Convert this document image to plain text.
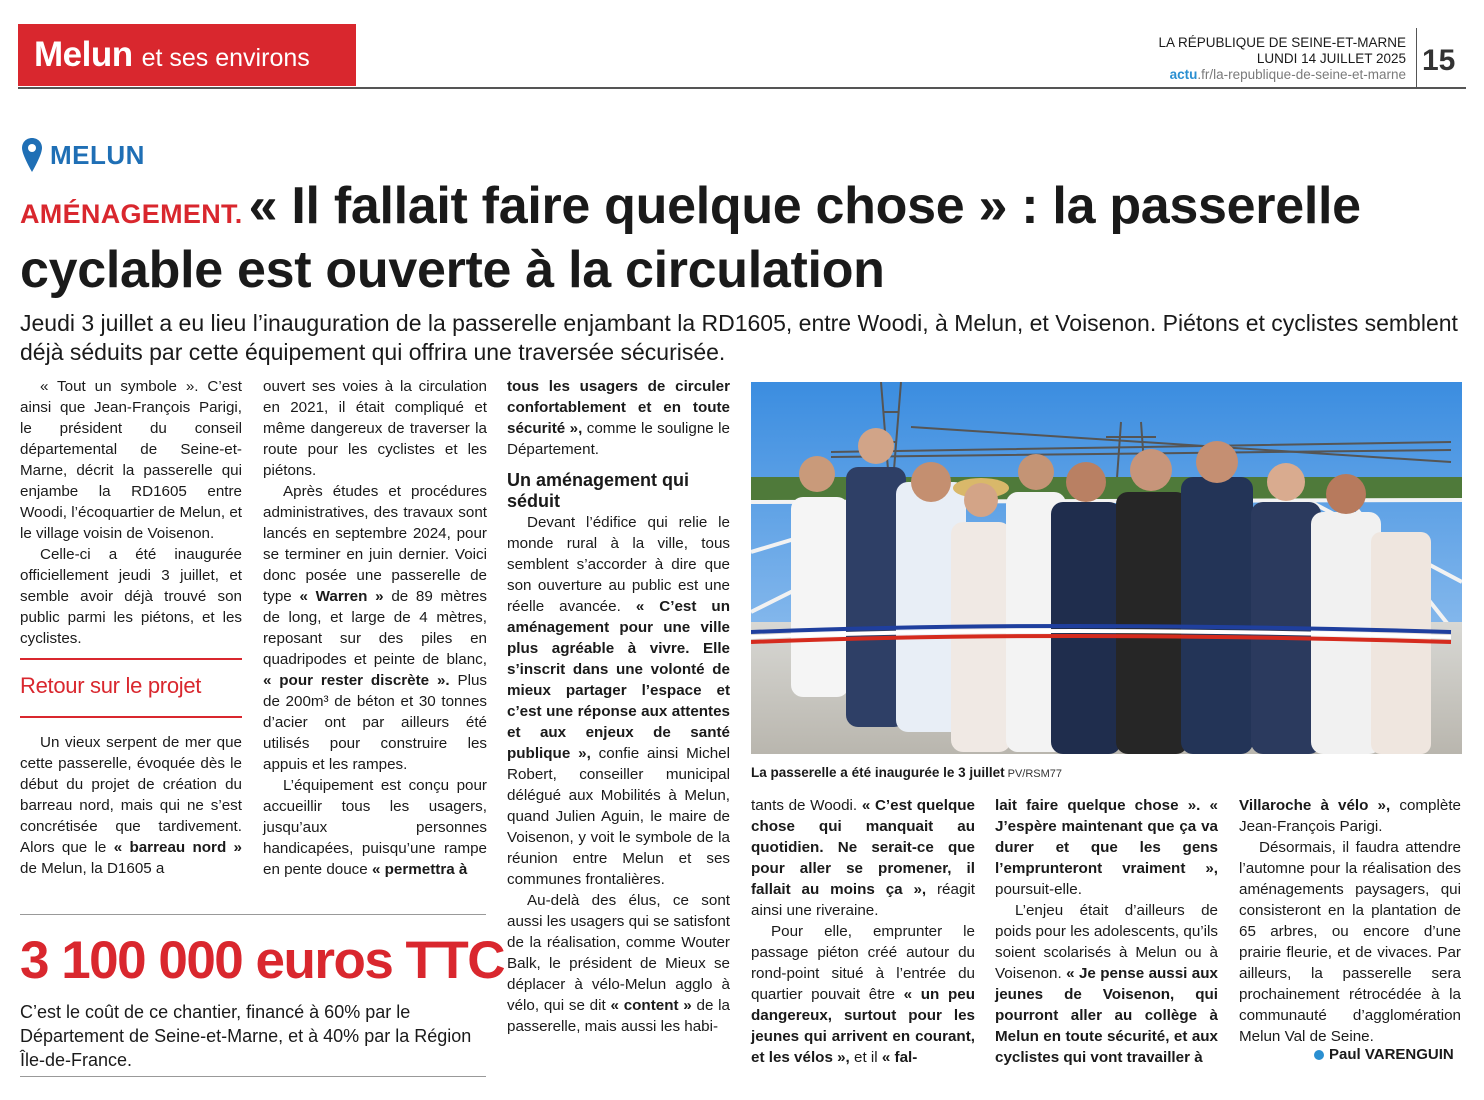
Melun et ses environs
LA RÉPUBLIQUE DE SEINE-ET-MARNE
LUNDI 14 JUILLET 2025
actu.fr/la-republique-de-seine-et-marne 15
MELUN
AMÉNAGEMENT. « Il fallait faire quelque chose » : la passerelle cyclable est ouverte à la circulation
Jeudi 3 juillet a eu lieu l’inauguration de la passerelle enjambant la RD1605, entre Woodi, à Melun, et Voisenon. Piétons et cyclistes semblent déjà séduits par cette équipement qui offrira une traversée sécurisée.

« Tout un symbole ». C’est ainsi que Jean-François Parigi, le président du conseil départemental de Seine-et-Marne, décrit la passerelle qui enjambe la RD1605 entre Woodi, l’écoquartier de Melun, et le village voisin de Voisenon.

Celle-ci a été inaugurée officiellement jeudi 3 juillet, et semble avoir déjà trouvé son public parmi les piétons, et les cyclistes.

Retour sur le projet

Un vieux serpent de mer que cette passerelle, évoquée dès le début du projet de création du barreau nord, mais qui ne s’est concrétisée que tardivement. Alors que le « barreau nord » de Melun, la D1605 a

ouvert ses voies à la circulation en 2021, il était compliqué et même dangereux de traverser la route pour les cyclistes et les piétons.

Après études et procédures administratives, des travaux sont lancés en septembre 2024, pour se terminer en juin dernier. Voici donc posée une passerelle de type « Warren » de 89 mètres de long, et large de 4 mètres, reposant sur des piles en quadripodes et peinte de blanc, « pour rester discrète ». Plus de 200m³ de béton et 30 tonnes d’acier ont par ailleurs été utilisés pour construire les appuis et les rampes.

L’équipement est conçu pour accueillir tous les usagers, jusqu’aux personnes handicapées, puisqu’une rampe en pente douce « permettra à

tous les usagers de circuler confortablement et en toute sécurité », comme le souligne le Département.

Un aménagement qui séduit

Devant l’édifice qui relie le monde rural à la ville, tous semblent s’accorder à dire que son ouverture au public est une réelle avancée. « C’est un aménagement pour une ville plus agréable à vivre. Elle s’inscrit dans une volonté de mieux partager l’espace et c’est une réponse aux attentes et aux enjeux de santé publique », confie ainsi Michel Robert, conseiller municipal délégué aux Mobilités à Melun, quand Julien Aguin, le maire de Voisenon, y voit le symbole de la réunion entre Melun et ses communes frontalières.

Au-delà des élus, ce sont aussi les usagers qui se satisfont de la réalisation, comme Wouter Balk, le président de Mieux se déplacer à vélo-Melun agglo à vélo, qui se dit « content » de la passerelle, mais aussi les habi-

3 100 000 euros TTC
C’est le coût de ce chantier, financé à 60% par le Département de Seine-et-Marne, et à 40% par la Région Île-de-France.
La passerelle a été inaugurée le 3 juillet PV/RSM77

tants de Woodi. « C’est quelque chose qui manquait au quotidien. Ne serait-ce que pour aller se promener, il fallait au moins ça », réagit ainsi une riveraine.

Pour elle, emprunter le passage piéton créé autour du rond-point situé à l’entrée du quartier pouvait être « un peu dangereux, surtout pour les jeunes qui arrivent en courant, et les vélos », et il « fal-

lait faire quelque chose ». « J’espère maintenant que ça va durer et que les gens l’emprunteront vraiment », poursuit-elle.

L’enjeu était d’ailleurs de poids pour les adolescents, qu’ils soient scolarisés à Melun ou à Voisenon. « Je pense aussi aux jeunes de Voisenon, qui pourront aller au collège à Melun en toute sécurité, et aux cyclistes qui vont travailler à

Villaroche à vélo », complète Jean-François Parigi.

Désormais, il faudra attendre l’automne pour la réalisation des aménagements paysagers, qui consisteront en la plantation de 65 arbres, ou encore d’une prairie fleurie, et de vivaces. Par ailleurs, la passerelle sera prochainement rétrocédée à la communauté d’agglomération Melun Val de Seine.

Paul VARENGUIN
